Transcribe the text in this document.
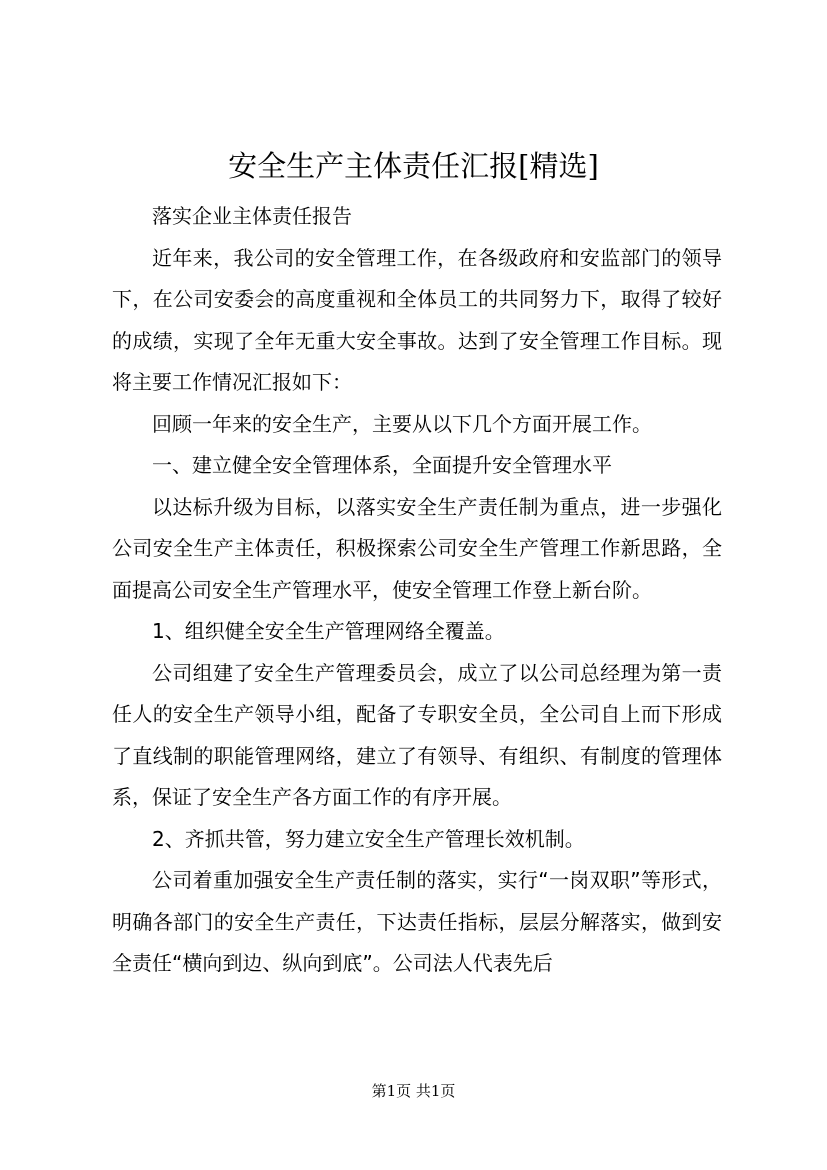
安全生产主体责任汇报[精选]

落实企业主体责任报告

近年来，我公司的安全管理工作，在各级政府和安监部门的领导下，在公司安委会的高度重视和全体员工的共同努力下，取得了较好的成绩，实现了全年无重大安全事故。达到了安全管理工作目标。现将主要工作情况汇报如下：

回顾一年来的安全生产，主要从以下几个方面开展工作。

一、建立健全安全管理体系，全面提升安全管理水平

以达标升级为目标，以落实安全生产责任制为重点，进一步强化公司安全生产主体责任，积极探索公司安全生产管理工作新思路，全面提高公司安全生产管理水平，使安全管理工作登上新台阶。

1、组织健全安全生产管理网络全覆盖。

公司组建了安全生产管理委员会，成立了以公司总经理为第一责任人的安全生产领导小组，配备了专职安全员，全公司自上而下形成了直线制的职能管理网络，建立了有领导、有组织、有制度的管理体系，保证了安全生产各方面工作的有序开展。

2、齐抓共管，努力建立安全生产管理长效机制。

公司着重加强安全生产责任制的落实，实行“一岗双职”等形式，明确各部门的安全生产责任，下达责任指标，层层分解落实，做到安全责任“横向到边、纵向到底”。公司法人代表先后

第1页 共1页
